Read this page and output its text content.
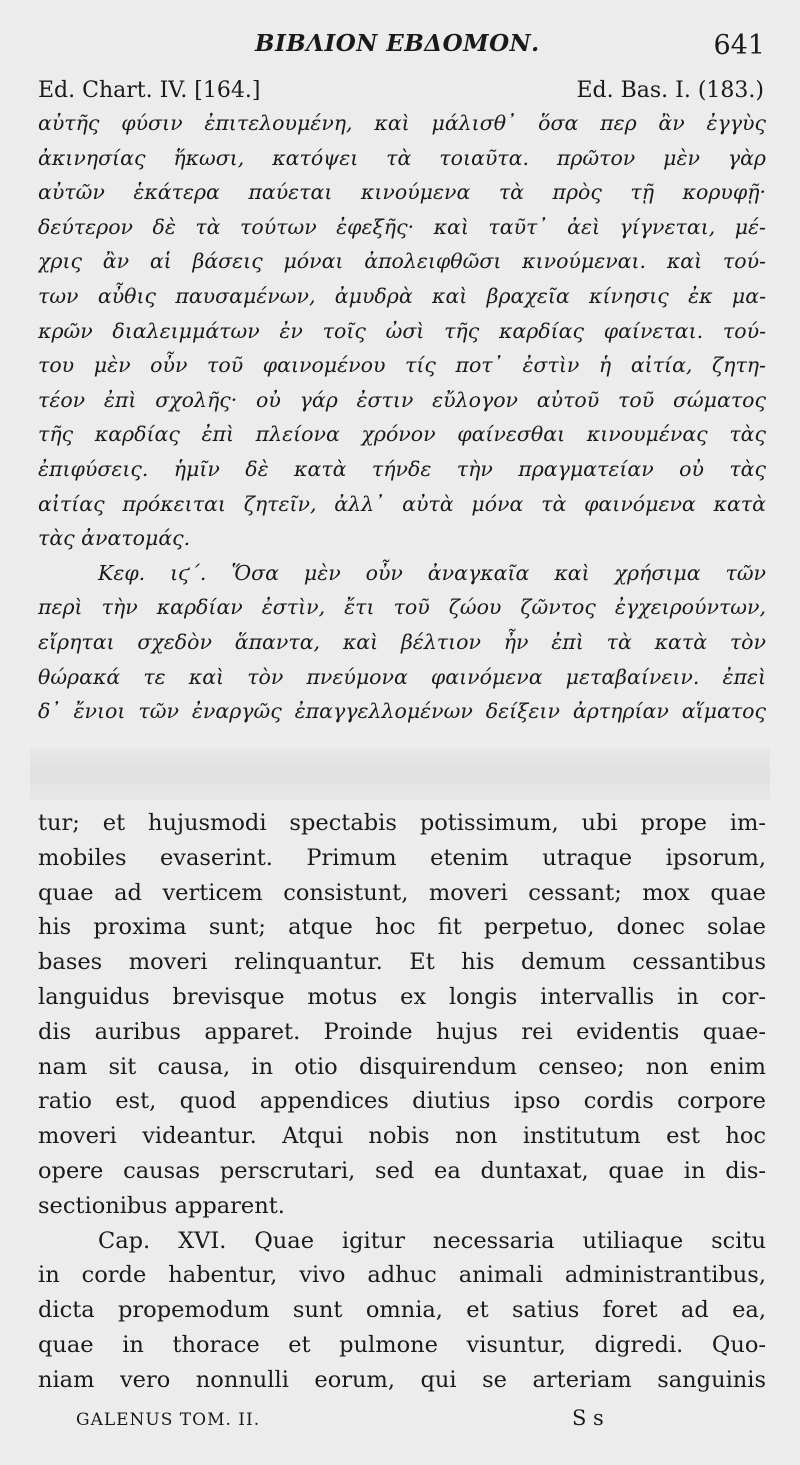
ΒΙΒΛΙΟΝ ΕΒΔΟΜΟΝ.	641
Ed. Chart. IV. [164.]	Ed. Bas. I. (183.)
αὐτῆς φύσιν ἐπιτελουμένη, καὶ μάλισθ᾽ ὅσα περ ἂν ἐγγὺς
ἀκινησίας ἥκωσι, κατόψει τὰ τοιαῦτα. πρῶτον μὲν γὰρ
αὐτῶν ἑκάτερα παύεται κινούμενα τὰ πρὸς τῇ κορυφῇ·
δεύτερον δὲ τὰ τούτων ἐφεξῆς· καὶ ταῦτ᾽ ἀεὶ γίγνεται, μέ-
χρις ἂν αἱ βάσεις μόναι ἀπολειφθῶσι κινούμεναι. καὶ τού-
των αὖθις παυσαμένων, ἀμυδρὰ καὶ βραχεῖα κίνησις ἐκ μα-
κρῶν διαλειμμάτων ἐν τοῖς ὠσὶ τῆς καρδίας φαίνεται. τού-
του μὲν οὖν τοῦ φαινομένου τίς ποτ᾽ ἐστὶν ἡ αἰτία, ζητη-
τέον ἐπὶ σχολῆς· οὐ γάρ ἐστιν εὔλογον αὐτοῦ τοῦ σώματος
τῆς καρδίας ἐπὶ πλείονα χρόνον φαίνεσθαι κινουμένας τὰς
ἐπιφύσεις. ἡμῖν δὲ κατὰ τήνδε τὴν πραγματείαν οὐ τὰς
αἰτίας πρόκειται ζητεῖν, ἀλλ᾽ αὐτὰ μόνα τὰ φαινόμενα κατὰ
τὰς ἀνατομάς.
Κεφ. ιϛ΄. Ὅσα μὲν οὖν ἀναγκαῖα καὶ χρήσιμα τῶν
περὶ τὴν καρδίαν ἐστὶν, ἔτι τοῦ ζώου ζῶντος ἐγχειρούντων,
εἴρηται σχεδὸν ἅπαντα, καὶ βέλτιον ἦν ἐπὶ τὰ κατὰ τὸν
θώρακά τε καὶ τὸν πνεύμονα φαινόμενα μεταβαίνειν. ἐπεὶ
δ᾽ ἔνιοι τῶν ἐναργῶς ἐπαγγελλομένων δείξειν ἀρτηρίαν αἵματος
tur; et hujusmodi spectabis potissimum, ubi prope im-
mobiles evaserint. Primum etenim utraque ipsorum,
quae ad verticem consistunt, moveri cessant; mox quae
his proxima sunt; atque hoc fit perpetuo, donec solae
bases moveri relinquantur. Et his demum cessantibus
languidus brevisque motus ex longis intervallis in cor-
dis auribus apparet. Proinde hujus rei evidentis quae-
nam sit causa, in otio disquirendum censeo; non enim
ratio est, quod appendices diutius ipso cordis corpore
moveri videantur. Atqui nobis non institutum est hoc
opere causas perscrutari, sed ea duntaxat, quae in dis-
sectionibus apparent.
Cap. XVI. Quae igitur necessaria utiliaque scitu
in corde habentur, vivo adhuc animali administrantibus,
dicta propemodum sunt omnia, et satius foret ad ea,
quae in thorace et pulmone visuntur, digredi. Quo-
niam vero nonnulli eorum, qui se arteriam sanguinis
GALENUS TOM. II.	S s
